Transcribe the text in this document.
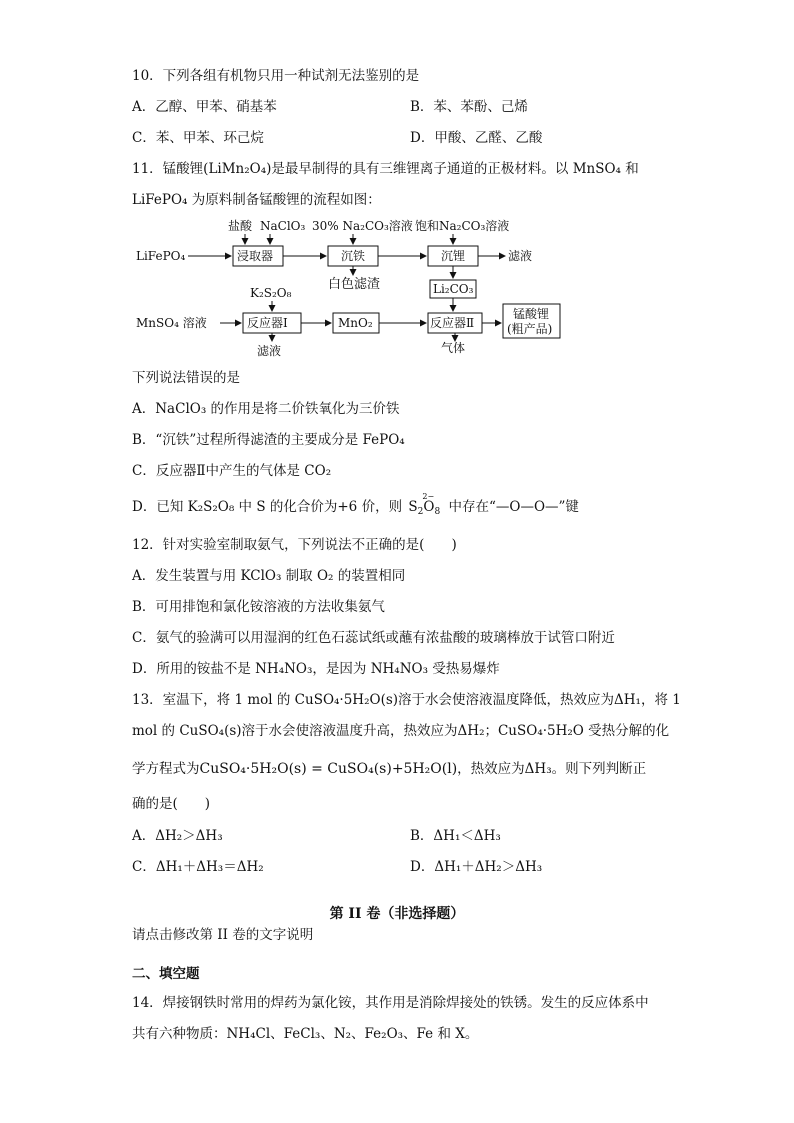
10．下列各组有机物只用一种试剂无法鉴别的是
A．乙醇、甲苯、硝基苯	B．苯、苯酚、己烯
C．苯、甲苯、环己烷	D．甲酸、乙醛、乙酸
11．锰酸锂(LiMn₂O₄)是最早制得的具有三维锂离子通道的正极材料。以 MnSO₄ 和
LiFePO₄ 为原料制备锰酸锂的流程如图：
盐酸 NaClO₃ 30% Na₂CO₃溶液 饱和Na₂CO₃溶液
LiFePO₄	浸取器	沉铁	沉锂	滤液
白色滤渣	Li₂CO₃
K₂S₂O₈
MnSO₄ 溶液	反应器Ⅰ	MnO₂	反应器Ⅱ
锰酸锂
(粗产品)
滤液	气体
下列说法错误的是
A．NaClO₃ 的作用是将二价铁氧化为三价铁
B．“沉铁”过程所得滤渣的主要成分是 FePO₄
C．反应器Ⅱ中产生的气体是 CO₂
D．已知 K₂S₂O₈ 中 S 的化合价为+6 价，则 $S_2O_8$
2−
中存在“—O—O—”键
12．针对实验室制取氨气，下列说法不正确的是(　　)
A．发生装置与用 KClO₃ 制取 O₂ 的装置相同
B．可用排饱和氯化铵溶液的方法收集氨气
C．氨气的验满可以用湿润的红色石蕊试纸或蘸有浓盐酸的玻璃棒放于试管口附近
D．所用的铵盐不是 NH₄NO₃，是因为 NH₄NO₃ 受热易爆炸
13．室温下，将 1 mol 的 CuSO₄·5H₂O(s)溶于水会使溶液温度降低，热效应为ΔH₁，将 1
mol 的 CuSO₄(s)溶于水会使溶液温度升高，热效应为ΔH₂；CuSO₄·5H₂O 受热分解的化
学方程式为CuSO₄·5H₂O(s) = CuSO₄(s)+5H₂O(l)，热效应为ΔH₃。则下列判断正
确的是(　　)
A．ΔH₂＞ΔH₃	B．ΔH₁＜ΔH₃
C．ΔH₁＋ΔH₃＝ΔH₂	D．ΔH₁＋ΔH₂＞ΔH₃
第 II 卷（非选择题）
请点击修改第 II 卷的文字说明
二、填空题
14．焊接钢铁时常用的焊药为氯化铵，其作用是消除焊接处的铁锈。发生的反应体系中
共有六种物质：NH₄Cl、FeCl₃、N₂、Fe₂O₃、Fe 和 X。
